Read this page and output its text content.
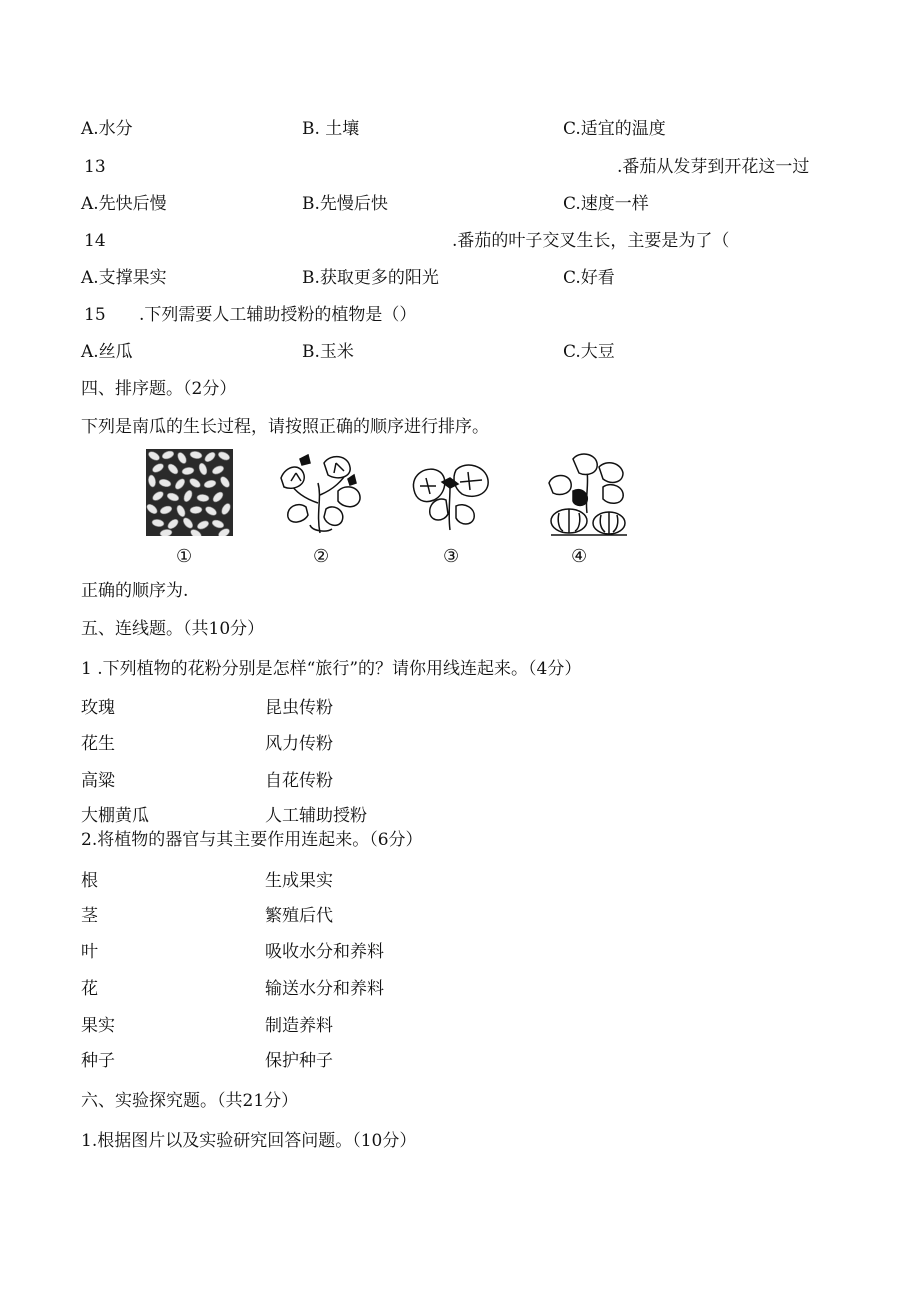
A.水分	B. 土壤	C.适宜的温度
13	.番茄从发芽到开花这一过
A.先快后慢	B.先慢后快	C.速度一样
14	.番茄的叶子交叉生长，主要是为了（
A.支撑果实	B.获取更多的阳光	C.好看
15 .下列需要人工辅助授粉的植物是（）
A.丝瓜	B.玉米	C.大豆
四、排序题。（2分）
下列是南瓜的生长过程，请按照正确的顺序进行排序。
①	②	③	④
正确的顺序为.
五、连线题。（共10分）
1 .下列植物的花粉分别是怎样“旅行”的？请你用线连起来。（4分）
玫瑰	昆虫传粉
花生	风力传粉
高粱	自花传粉
大棚黄瓜	人工辅助授粉
2.将植物的器官与其主要作用连起来。（6分）
根	生成果实
茎	繁殖后代
叶	吸收水分和养料
花	输送水分和养料
果实	制造养料
种子	保护种子
六、实验探究题。（共21分）
1.根据图片以及实验研究回答问题。（10分）
